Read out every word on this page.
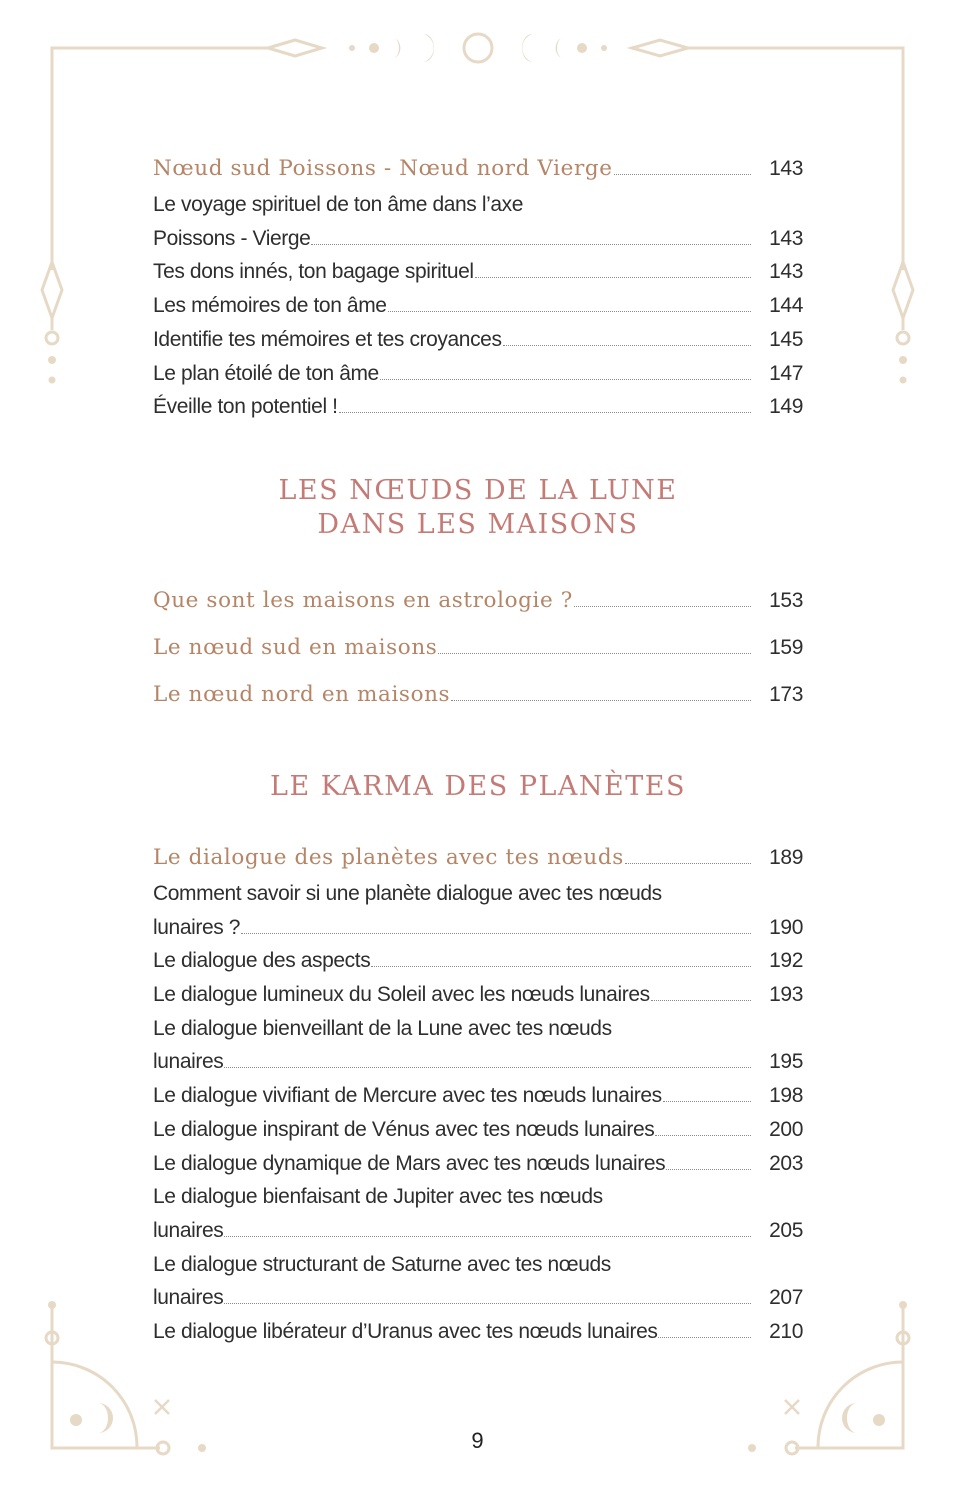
Nœud sud Poissons - Nœud nord Vierge	143
Le voyage spirituel de ton âme dans l’axe
Poissons - Vierge	143
Tes dons innés, ton bagage spirituel	143
Les mémoires de ton âme	144
Identifie tes mémoires et tes croyances	145
Le plan étoilé de ton âme	147
Éveille ton potentiel !	149
LES NŒUDS DE LA LUNE
DANS LES MAISONS
Que sont les maisons en astrologie ?	153
Le nœud sud en maisons	159
Le nœud nord en maisons	173
LE KARMA DES PLANÈTES
Le dialogue des planètes avec tes nœuds	189
Comment savoir si une planète dialogue avec tes nœuds
lunaires ?	190
Le dialogue des aspects	192
Le dialogue lumineux du Soleil avec les nœuds lunaires	193
Le dialogue bienveillant de la Lune avec tes nœuds
lunaires	195
Le dialogue vivifiant de Mercure avec tes nœuds lunaires	198
Le dialogue inspirant de Vénus avec tes nœuds lunaires	200
Le dialogue dynamique de Mars avec tes nœuds lunaires	203
Le dialogue bienfaisant de Jupiter avec tes nœuds
lunaires	205
Le dialogue structurant de Saturne avec tes nœuds
lunaires	207
Le dialogue libérateur d’Uranus avec tes nœuds lunaires	210
9
